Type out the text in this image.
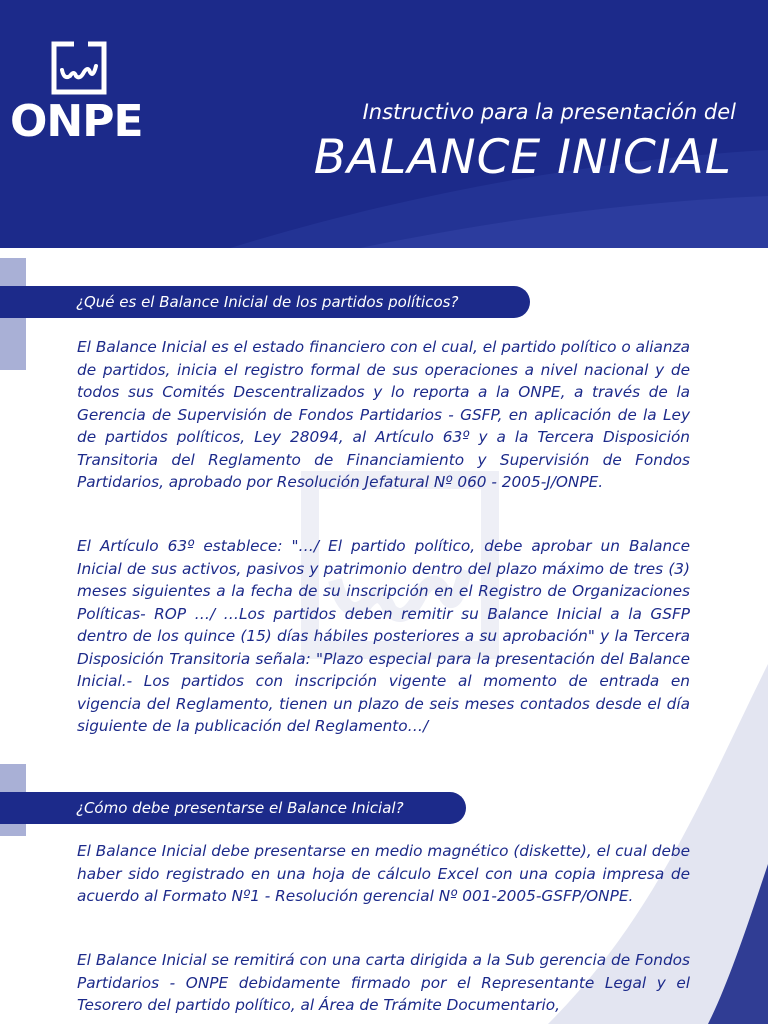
ONPE	Instructivo para la presentación del
BALANCE INICIAL
¿Qué es el Balance Inicial de los partidos políticos?

El Balance Inicial es el estado financiero con el cual, el partido político o alianza de partidos, inicia el registro formal de sus operaciones a nivel nacional y de todos sus Comités Descentralizados y lo reporta a la ONPE, a través de la Gerencia de Supervisión de Fondos Partidarios - GSFP, en aplicación de la Ley de partidos políticos, Ley 28094, al Artículo 63º y a la Tercera Disposición Transitoria del Reglamento de Financiamiento y Supervisión de Fondos Partidarios, aprobado por Resolución Jefatural Nº 060 - 2005-J/ONPE.

El Artículo 63º establece: "…/ El partido político, debe aprobar un Balance Inicial de sus activos, pasivos y patrimonio dentro del plazo máximo de tres (3) meses siguientes a la fecha de su inscripción en el Registro de Organizaciones Políticas- ROP …/ …Los partidos deben remitir su Balance Inicial a la GSFP dentro de los quince (15) días hábiles posteriores a su aprobación" y la Tercera Disposición Transitoria señala: "Plazo especial para la presentación del Balance Inicial.- Los partidos con inscripción vigente al momento de entrada en vigencia del Reglamento, tienen un plazo de seis meses contados desde el día siguiente de la publicación del Reglamento…/

¿Cómo debe presentarse el Balance Inicial?

El Balance Inicial debe presentarse en medio magnético (diskette), el cual debe haber sido registrado en una hoja de cálculo Excel con una copia impresa de acuerdo al Formato Nº1 - Resolución gerencial Nº 001-2005-GSFP/ONPE.

El Balance Inicial se remitirá con una carta dirigida a la Sub gerencia de Fondos Partidarios - ONPE debidamente firmado por el Representante Legal y el Tesorero del partido político, al Área de Trámite Documentario,
